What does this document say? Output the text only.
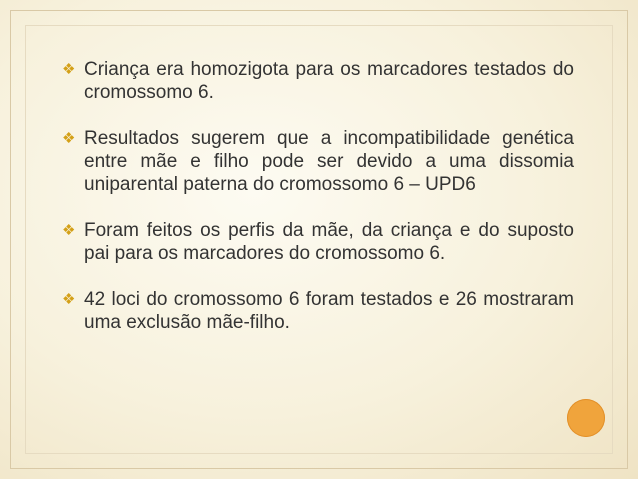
❖ Criança era homozigota para os marcadores testados do cromossomo 6.
❖ Resultados sugerem que a incompatibilidade genética entre mãe e filho pode ser devido a uma dissomia uniparental paterna do cromossomo 6 – UPD6
❖ Foram feitos os perfis da mãe, da criança e do suposto pai para os marcadores do cromossomo 6.
❖ 42 loci do cromossomo 6 foram testados e 26 mostraram uma exclusão mãe-filho.
